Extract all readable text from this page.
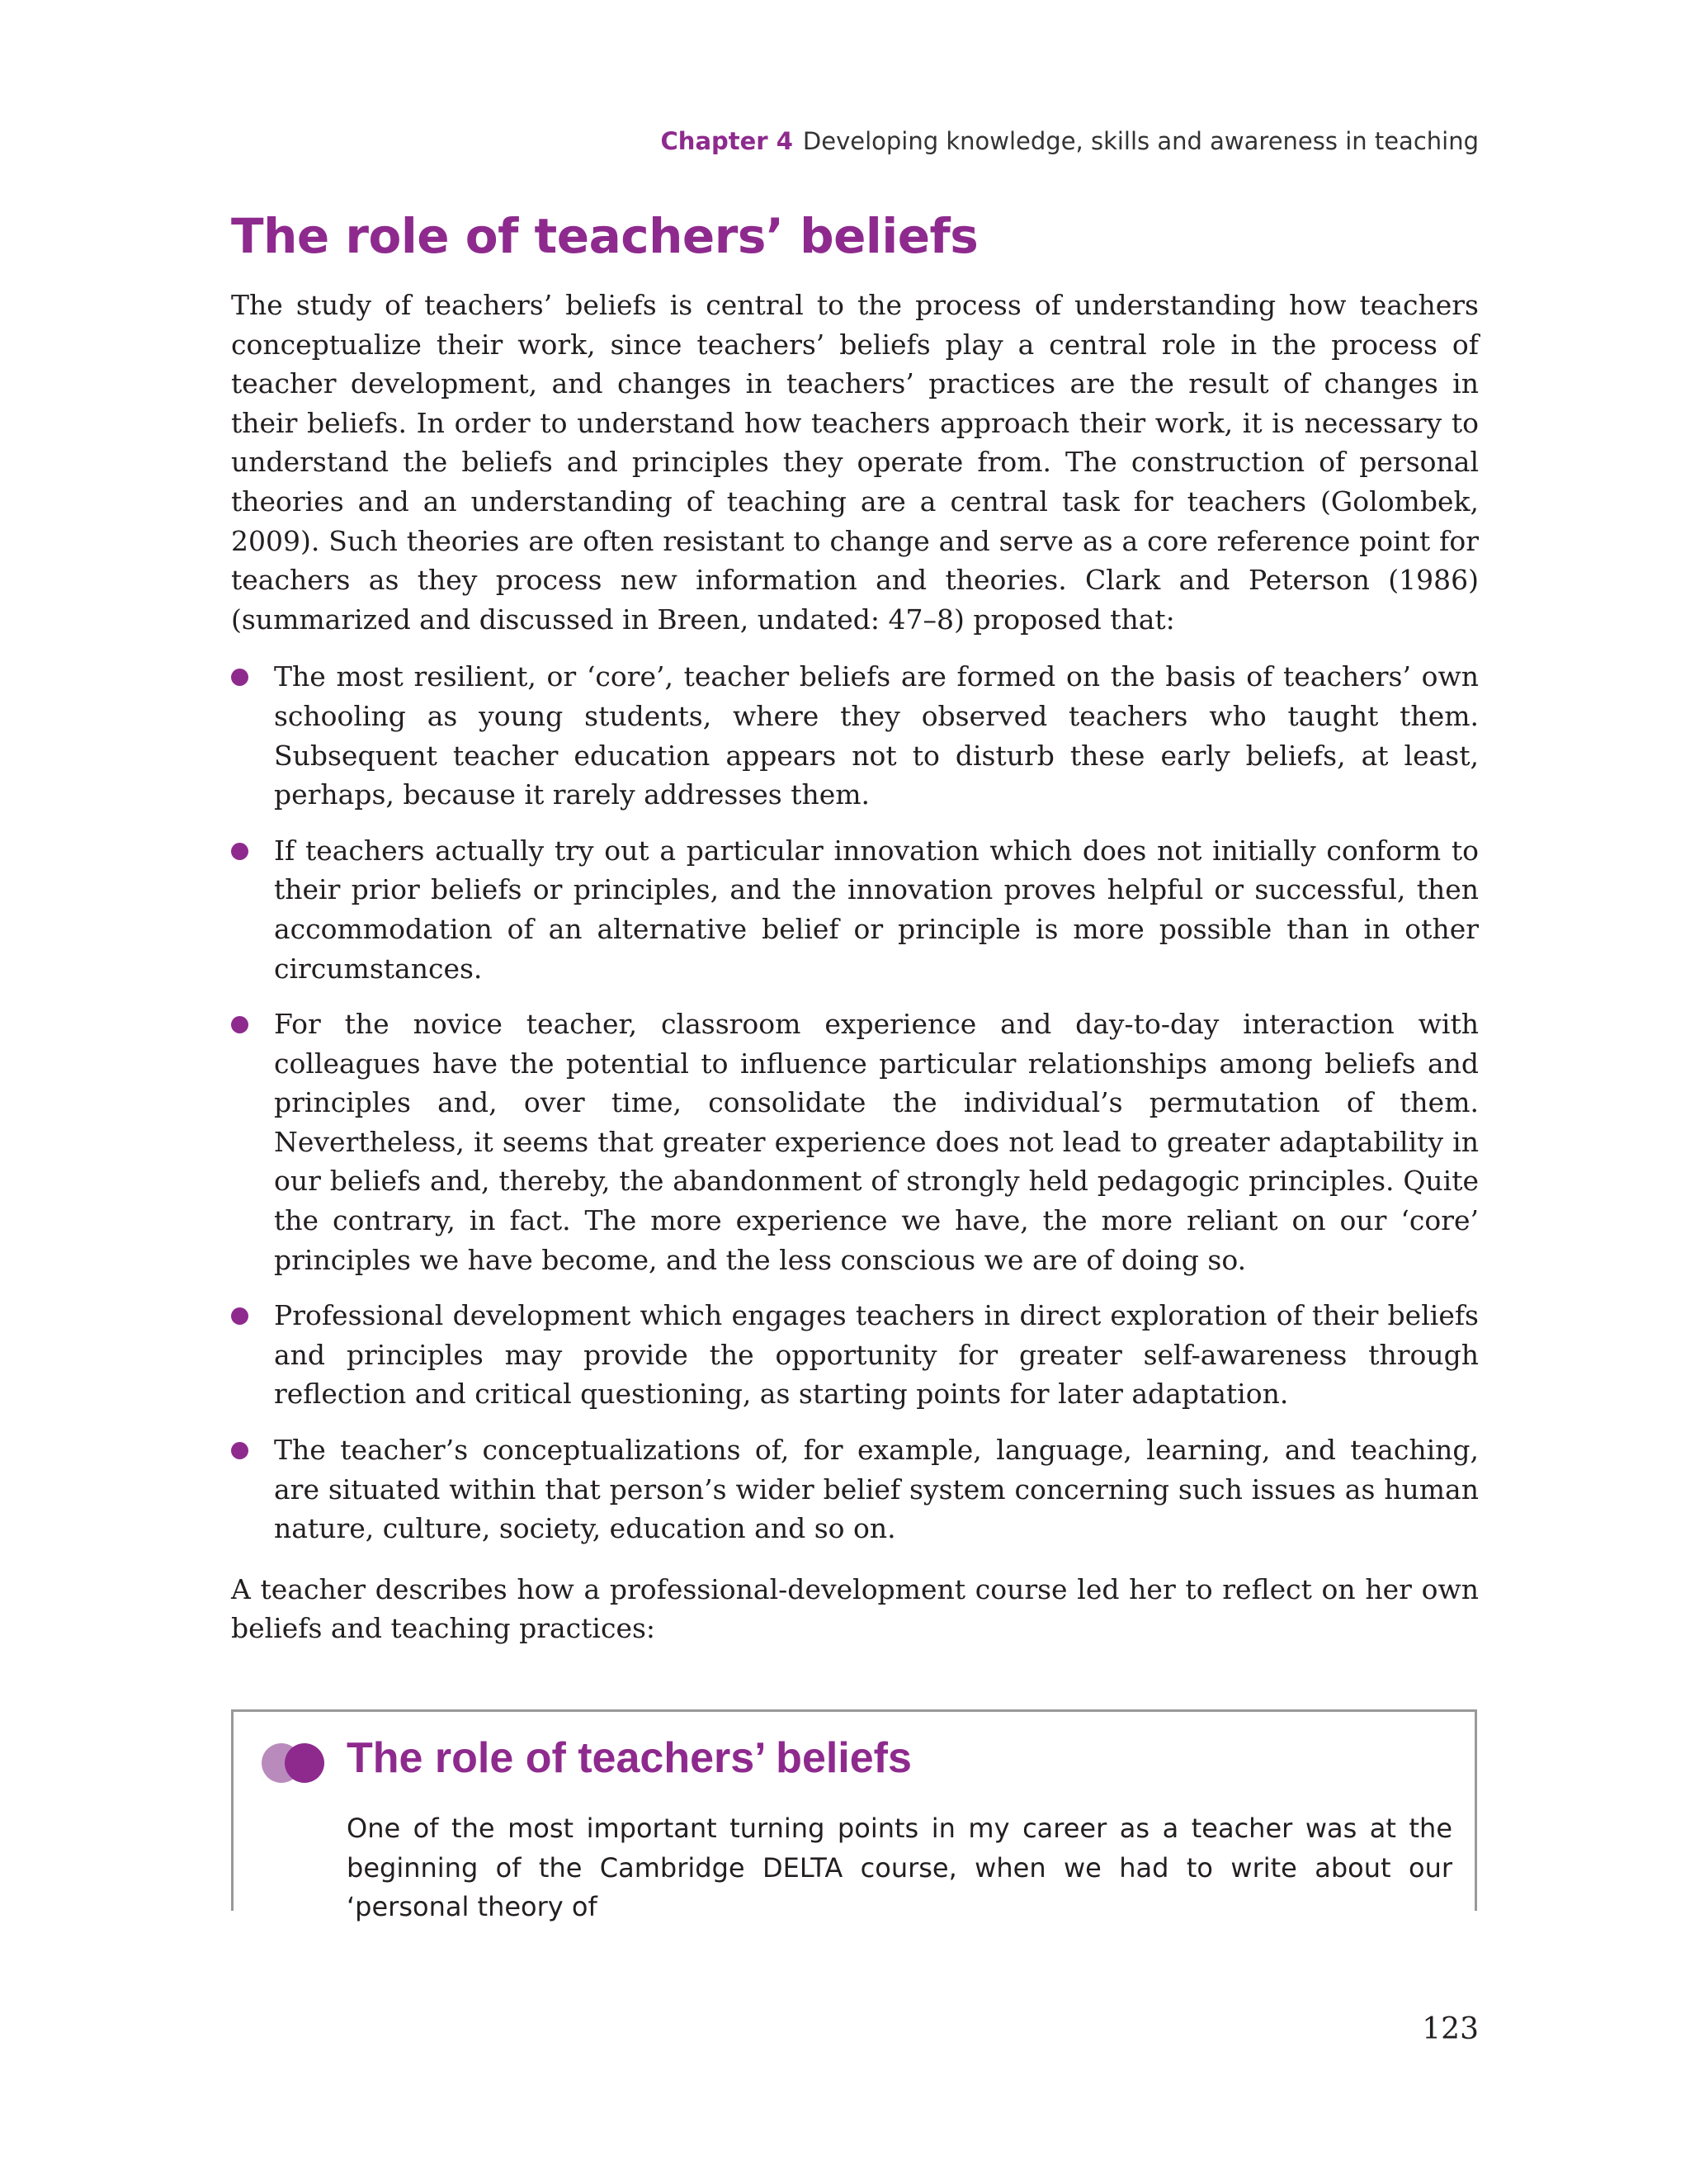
Chapter 4 Developing knowledge, skills and awareness in teaching
The role of teachers’ beliefs

The study of teachers’ beliefs is central to the process of understanding how teachers conceptualize their work, since teachers’ beliefs play a central role in the process of teacher development, and changes in teachers’ practices are the result of changes in their beliefs. In order to understand how teachers approach their work, it is necessary to understand the beliefs and principles they operate from. The construction of personal theories and an understanding of teaching are a central task for teachers (Golombek, 2009). Such theories are often resistant to change and serve as a core reference point for teachers as they process new information and theories. Clark and Peterson (1986) (summarized and discussed in Breen, undated: 47–8) proposed that:

The most resilient, or ‘core’, teacher beliefs are formed on the basis of teachers’ own schooling as young students, where they observed teachers who taught them. Subsequent teacher education appears not to disturb these early beliefs, at least, perhaps, because it rarely addresses them.
If teachers actually try out a particular innovation which does not initially conform to their prior beliefs or principles, and the innovation proves helpful or successful, then accommodation of an alternative belief or principle is more possible than in other circumstances.
For the novice teacher, classroom experience and day-to-day interaction with colleagues have the potential to influence particular relationships among beliefs and principles and, over time, consolidate the individual’s permutation of them. Nevertheless, it seems that greater experience does not lead to greater adaptability in our beliefs and, thereby, the abandonment of strongly held pedagogic principles. Quite the contrary, in fact. The more experience we have, the more reliant on our ‘core’ principles we have become, and the less conscious we are of doing so.
Professional development which engages teachers in direct exploration of their beliefs and principles may provide the opportunity for greater self-awareness through reflection and critical questioning, as starting points for later adaptation.
The teacher’s conceptualizations of, for example, language, learning, and teaching, are situated within that person’s wider belief system concerning such issues as human nature, culture, society, education and so on.

A teacher describes how a professional-development course led her to reflect on her own beliefs and teaching practices:

The role of teachers’ beliefs
One of the most important turning points in my career as a teacher was at the beginning of the Cambridge DELTA course, when we had to write about our ‘personal theory of
123
